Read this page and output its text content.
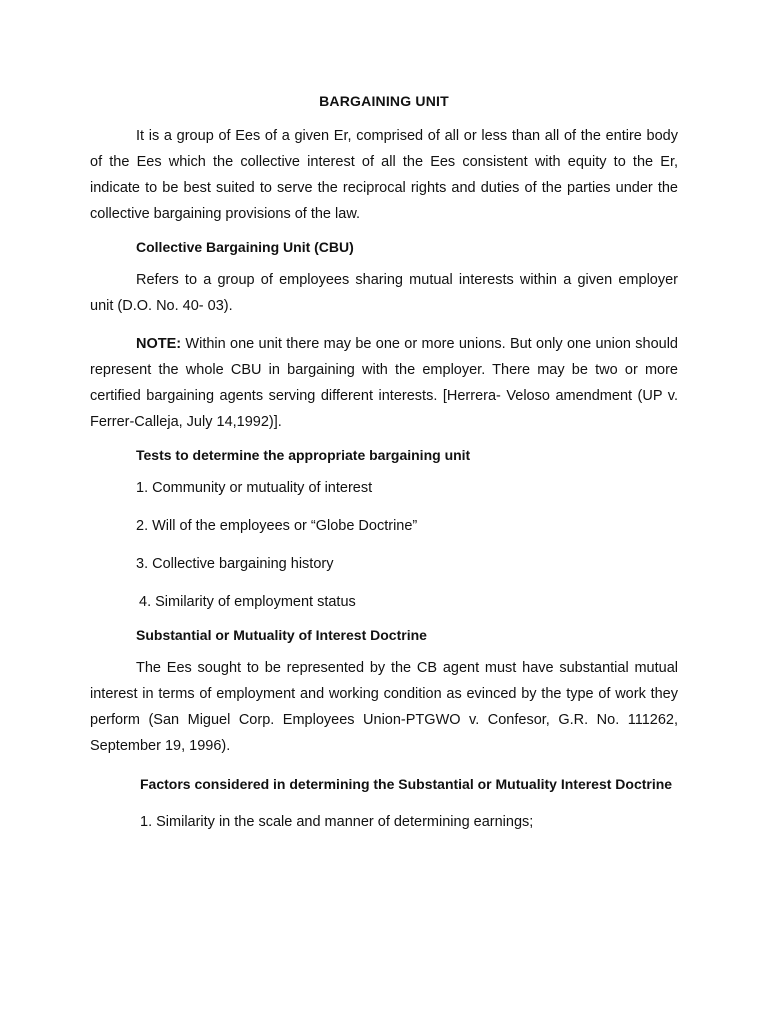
BARGAINING UNIT

It is a group of Ees of a given Er, comprised of all or less than all of the entire body of the Ees which the collective interest of all the Ees consistent with equity to the Er, indicate to be best suited to serve the reciprocal rights and duties of the parties under the collective bargaining provisions of the law.

Collective Bargaining Unit (CBU)

Refers to a group of employees sharing mutual interests within a given employer unit (D.O. No. 40- 03).

NOTE: Within one unit there may be one or more unions. But only one union should represent the whole CBU in bargaining with the employer. There may be two or more certified bargaining agents serving different interests. [Herrera- Veloso amendment (UP v. Ferrer-Calleja, July 14,1992)].

Tests to determine the appropriate bargaining unit

1. Community or mutuality of interest

2. Will of the employees or “Globe Doctrine”

3. Collective bargaining history

4. Similarity of employment status

Substantial or Mutuality of Interest Doctrine

The Ees sought to be represented by the CB agent must have substantial mutual interest in terms of employment and working condition as evinced by the type of work they perform (San Miguel Corp. Employees Union-PTGWO v. Confesor, G.R. No. 111262, September 19, 1996).

Factors considered in determining the Substantial or Mutuality Interest Doctrine

1. Similarity in the scale and manner of determining earnings;
